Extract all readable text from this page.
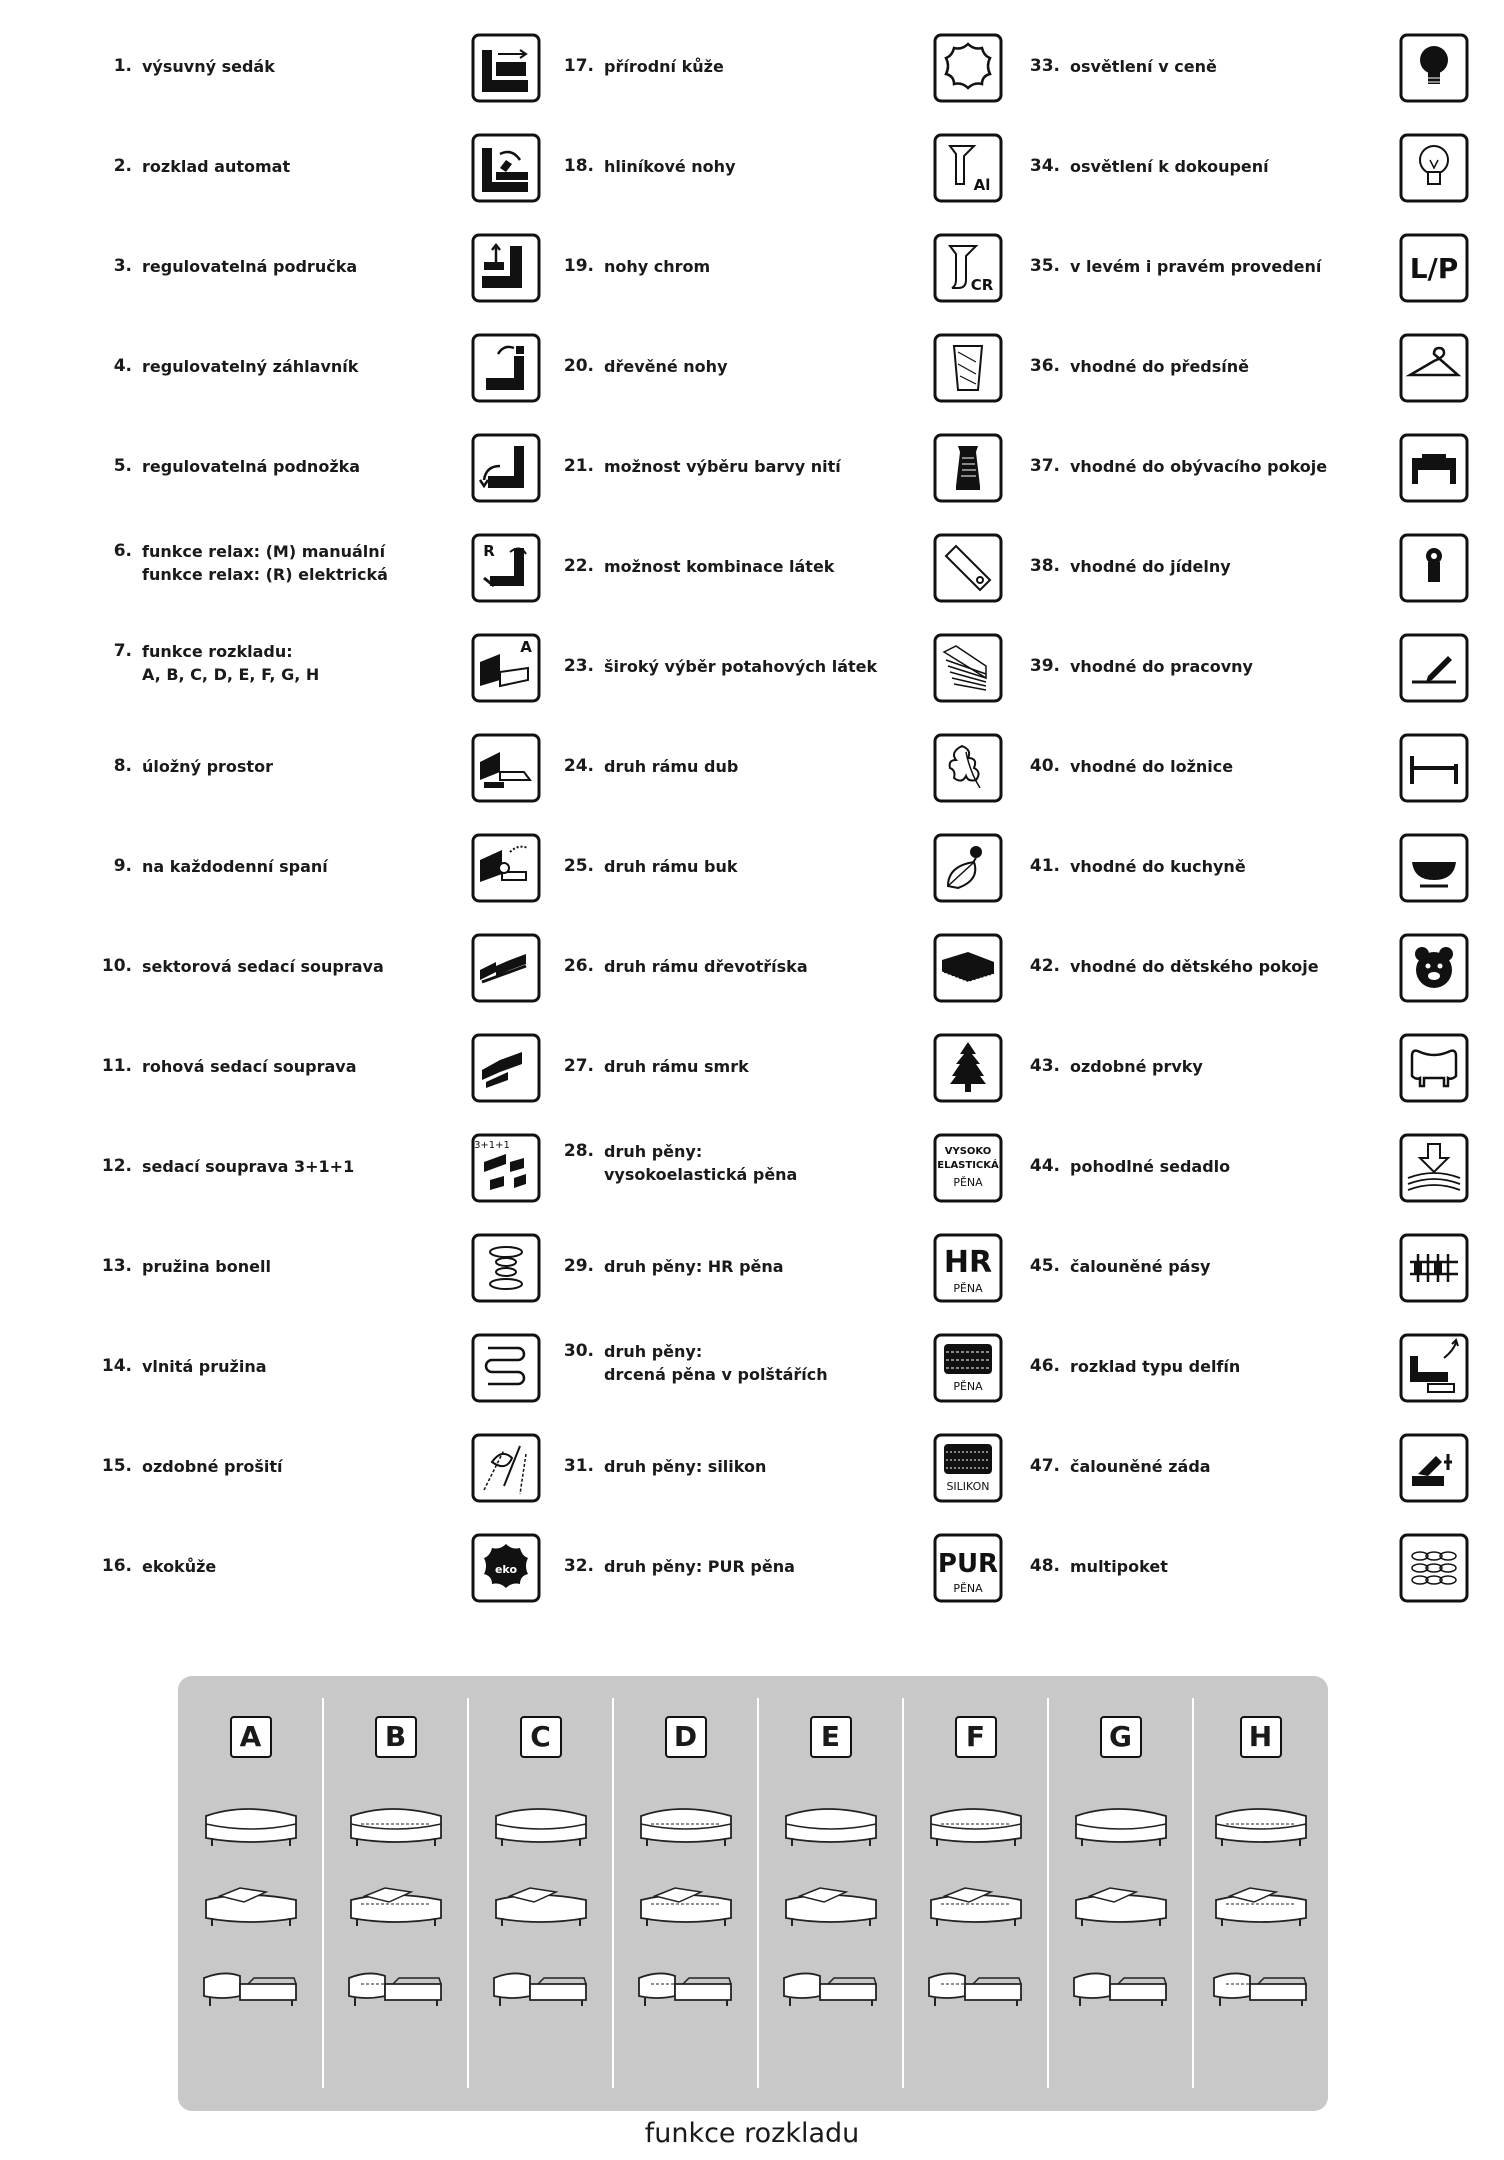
1. výsuvný sedák
2. rozklad automat
3. regulovatelná područka
4. regulovatelný záhlavník
5. regulovatelná podnožka
6. funkce relax: (M) manuální
funkce relax: (R) elektrická
R
7. funkce rozkladu:
A, B, C, D, E, F, G, H
A
8. úložný prostor
9. na každodenní spaní
10. sektorová sedací souprava
11. rohová sedací souprava
12. sedací souprava 3+1+1
3+1+1
13. pružina bonell
14. vlnitá pružina
15. ozdobné prošití
16. ekokůže	eko
17. přírodní kůže
18. hliníkové nohy
Al
19. nohy chrom
CR
20. dřevěné nohy
21. možnost výběru barvy nití
22. možnost kombinace látek
23. široký výběr potahových látek
24. druh rámu dub
25. druh rámu buk
26. druh rámu dřevotříska
27. druh rámu smrk
28. druh pěny:
vysokoelastická pěna
VYSOKO
ELASTICKÁ
PĚNA
29. druh pěny: HR pěna	HR
PĚNA
30. druh pěny:
drcená pěna v polštářích
PĚNA
31. druh pěny: silikon
SILIKON
32. druh pěny: PUR pěna	PUR
PĚNA
33. osvětlení v ceně
34. osvětlení k dokoupení
35. v levém i pravém provedení	L/P
36. vhodné do předsíně
37. vhodné do obývacího pokoje
38. vhodné do jídelny
39. vhodné do pracovny
40. vhodné do ložnice
41. vhodné do kuchyně
42. vhodné do dětského pokoje
43. ozdobné prvky
44. pohodlné sedadlo
45. čalouněné pásy
46. rozklad typu delfín
47. čalouněné záda
48. multipoket
A	B	C	D	E	F	G	H
funkce rozkladu
